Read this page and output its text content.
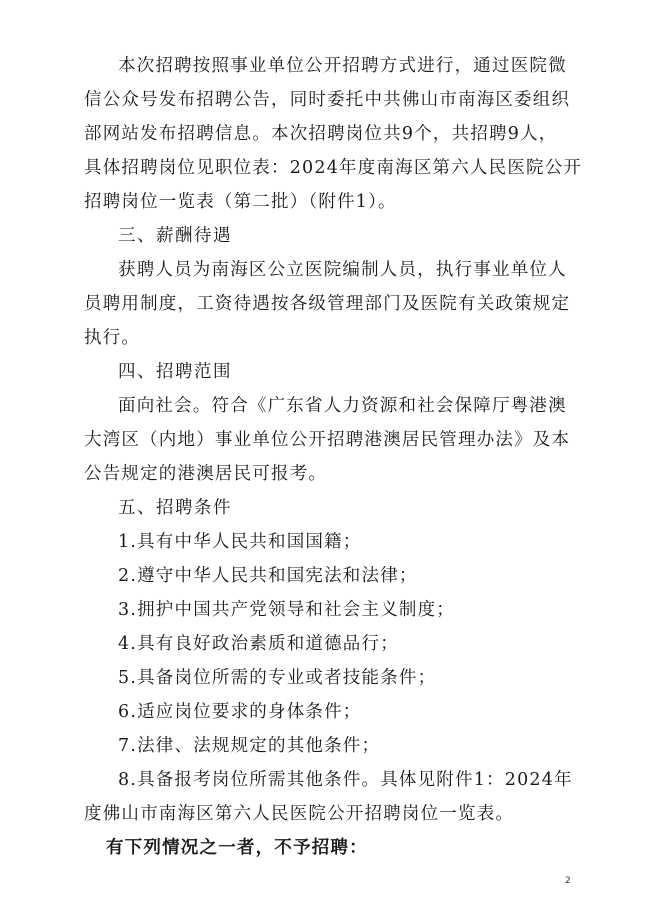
本次招聘按照事业单位公开招聘方式进行，通过医院微
信公众号发布招聘公告，同时委托中共佛山市南海区委组织
部网站发布招聘信息。本次招聘岗位共9个，共招聘9人，
具体招聘岗位见职位表：2024年度南海区第六人民医院公开
招聘岗位一览表（第二批）（附件1）。
三、薪酬待遇
获聘人员为南海区公立医院编制人员，执行事业单位人
员聘用制度，工资待遇按各级管理部门及医院有关政策规定
执行。
四、招聘范围
面向社会。符合《广东省人力资源和社会保障厅粤港澳
大湾区（内地）事业单位公开招聘港澳居民管理办法》及本
公告规定的港澳居民可报考。
五、招聘条件
1.具有中华人民共和国国籍；
2.遵守中华人民共和国宪法和法律；
3.拥护中国共产党领导和社会主义制度；
4.具有良好政治素质和道德品行；
5.具备岗位所需的专业或者技能条件；
6.适应岗位要求的身体条件；
7.法律、法规规定的其他条件；
8.具备报考岗位所需其他条件。具体见附件1：2024年
度佛山市南海区第六人民医院公开招聘岗位一览表。
有下列情况之一者，不予招聘：
2
